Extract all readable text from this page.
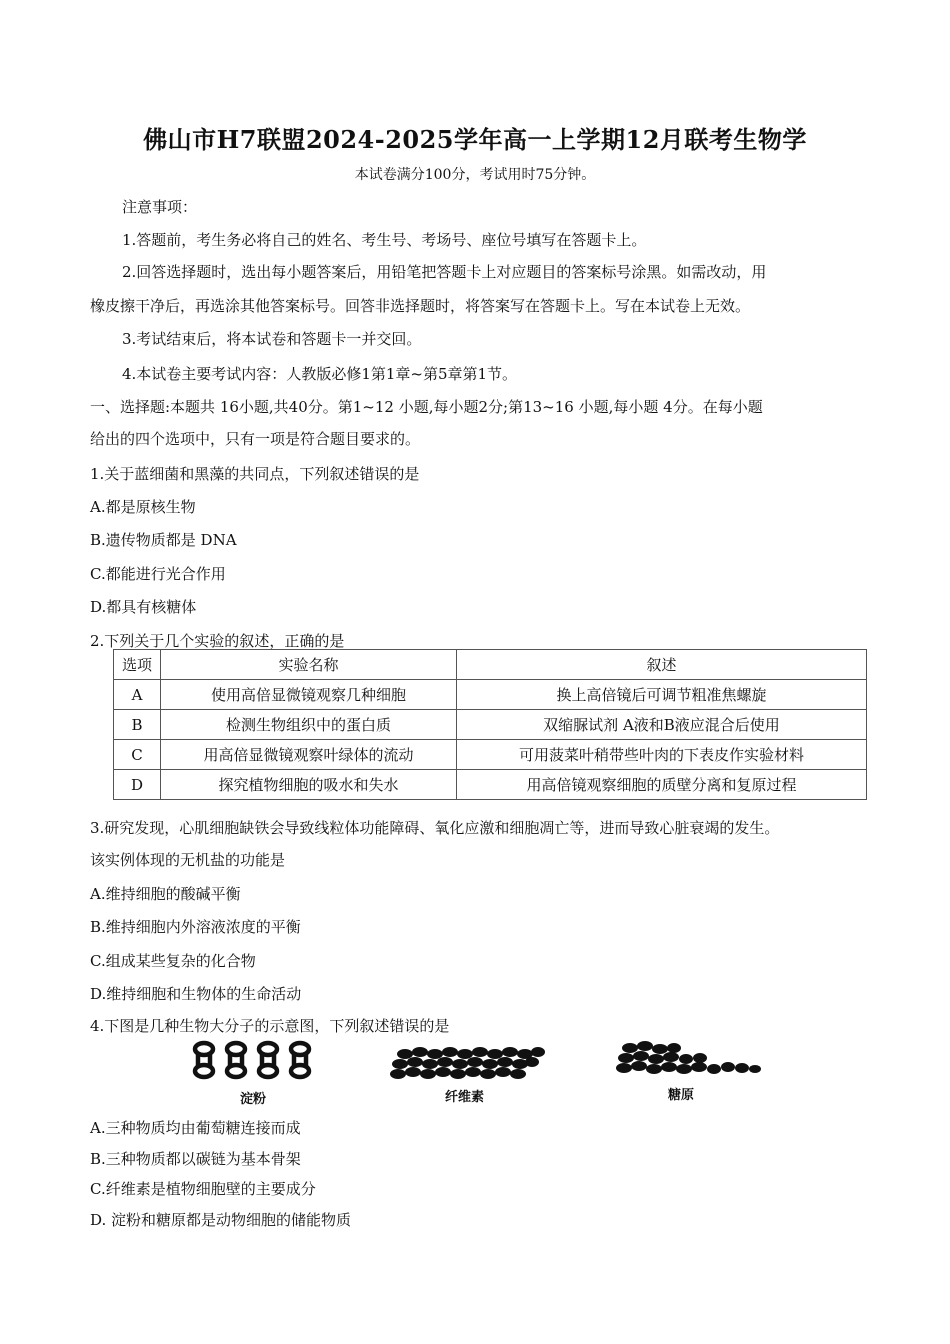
佛山市H7联盟2024-2025学年高一上学期12月联考生物学
本试卷满分100分，考试用时75分钟。
注意事项：
1.答题前，考生务必将自己的姓名、考生号、考场号、座位号填写在答题卡上。
2.回答选择题时，选出每小题答案后，用铅笔把答题卡上对应题目的答案标号涂黑。如需改动，用
橡皮擦干净后，再选涂其他答案标号。回答非选择题时，将答案写在答题卡上。写在本试卷上无效。
3.考试结束后，将本试卷和答题卡一并交回。
4.本试卷主要考试内容：人教版必修1第1章~第5章第1节。
一、选择题:本题共 16小题,共40分。第1~12 小题,每小题2分;第13~16 小题,每小题 4分。在每小题
给出的四个选项中，只有一项是符合题目要求的。
1.关于蓝细菌和黑藻的共同点，下列叙述错误的是
A.都是原核生物
B.遗传物质都是 DNA
C.都能进行光合作用
D.都具有核糖体
2.下列关于几个实验的叙述，正确的是
选项	实验名称	叙述
A	使用高倍显微镜观察几种细胞	换上高倍镜后可调节粗准焦螺旋
B	检测生物组织中的蛋白质	双缩脲试剂 A液和B液应混合后使用
C	用高倍显微镜观察叶绿体的流动	可用菠菜叶稍带些叶肉的下表皮作实验材料
D	探究植物细胞的吸水和失水	用高倍镜观察细胞的质壁分离和复原过程
3.研究发现，心肌细胞缺铁会导致线粒体功能障碍、氧化应激和细胞凋亡等，进而导致心脏衰竭的发生。
该实例体现的无机盐的功能是
A.维持细胞的酸碱平衡
B.维持细胞内外溶液浓度的平衡
C.组成某些复杂的化合物
D.维持细胞和生物体的生命活动
4.下图是几种生物大分子的示意图，下列叙述错误的是
淀粉	纤维素	糖原
A.三种物质均由葡萄糖连接而成
B.三种物质都以碳链为基本骨架
C.纤维素是植物细胞壁的主要成分
D. 淀粉和糖原都是动物细胞的储能物质
